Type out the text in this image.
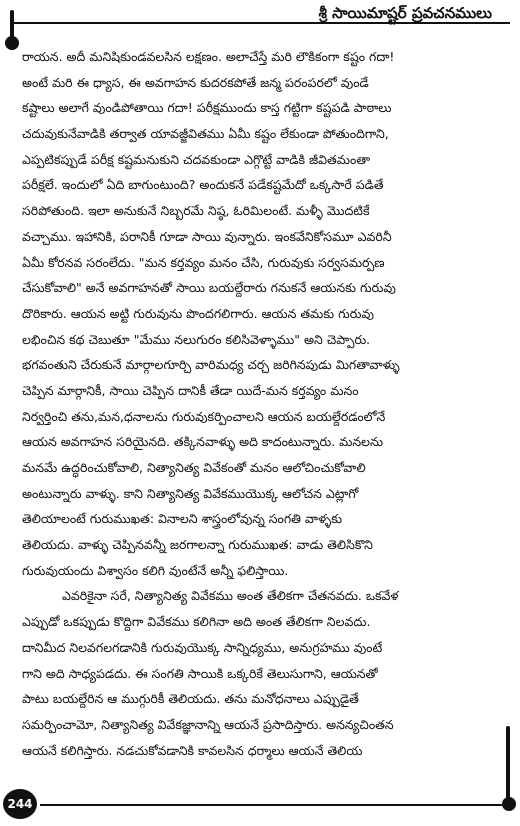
శ్రీ సాయిమాష్టర్ ప్రవచనములు

రాయన. అదీ మనిషికుండవలసిన లక్షణం. అలాచేస్తే మరి లౌకికంగా కష్టం గదా!

అంటే మరి ఈ ధ్యాస, ఈ అవగాహన కుదరకపోతే జన్మ పరంపరలో వుండే

కష్టాలు అలాగే వుండిపోతాయి గదా! పరీక్షముందు కాస్త గట్టిగా కష్టపడి పాఠాలు

చదువుకునేవాడికి తర్వాత యావజ్జీవితము ఏమీ కష్టం లేకుండా పోతుందిగాని,

ఎప్పటికప్పుడే పరీక్ష కష్టమనుకుని చదవకుండా ఎగ్గొట్టే వాడికి జీవితమంతా

పరీక్షలే. ఇందులో ఏది బాగుంటుంది? అందుకనే పడేకష్టమేదో ఒక్కసారే పడితే

సరిపోతుంది. ఇలా అనుకునే నిబ్బరమే నిష్ఠ, ఓరిమిలంటే. మళ్ళీ మొదటికే

వచ్చాము. ఇహానికి, పరానికీ గూడా సాయి వున్నారు. ఇంకవేనికోసమూ ఎవరినీ

ఏమీ కోరనవ సరంలేదు. "మన కర్తవ్యం మనం చేసి, గురువుకు సర్వసమర్పణ

చేసుకోవాలి" అనే అవగాహనతో సాయి బయల్దేరారు గనుకనే ఆయనకు గురువు

దొరికారు. ఆయన అట్టి గురువును పొందగలిగారు. ఆయన తమకు గురువు

లభించిన కథ చెబుతూ "మేము నలుగురం కలిసివెళ్ళాము" అని చెప్పారు.

భగవంతుని చేరుకునే మార్గాలగూర్చి వారిమధ్య చర్చ జరిగినపుడు మిగతావాళ్ళు

చెప్పిన మార్గానికీ, సాయి చెప్పిన దానికీ తేడా యిదే-మన కర్తవ్యం మనం

నిర్వర్తించి తను,మన,ధనాలను గురువుకర్పించాలని ఆయన బయల్దేరడంలోనే

ఆయన అవగాహన సరియైనది. తక్కినవాళ్ళు అది కాదంటున్నారు. మనలను

మనమే ఉద్ధరించుకోవాలి, నిత్యానిత్య వివేకంతో మనం ఆలోచించుకోవాలి

అంటున్నారు వాళ్ళు. కాని నిత్యానిత్య వివేకముయొక్క ఆలోచన ఎట్లాగో

తెలియాలంటే గురుముఖత: వినాలని శాస్త్రంలోవున్న సంగతి వాళ్ళకు

తెలియదు. వాళ్ళు చెప్పినవన్నీ జరగాలన్నా గురుముఖత: వాడు తెలిసికొని

గురువుయందు విశ్వాసం కలిగి వుంటేనే అన్నీ ఫలిస్తాయి.

ఎవరికైనా సరే, నిత్యానిత్య వివేకము అంత తేలికగా చేతనవదు. ఒకవేళ

ఎప్పుడో ఒకప్పుడు కొద్దిగా వివేకము కలిగినా అది అంత తేలికగా నిలవదు.

దానిమీద నిలవగలగడానికి గురువుయొక్క సాన్నిధ్యము, అనుగ్రహము వుంటే

గాని అది సాధ్యపడదు. ఈ సంగతి సాయికి ఒక్కరికే తెలుసుగాని, ఆయనతో

పాటు బయల్దేరిన ఆ ముగ్గురికీ తెలియదు. తను మనోధనాలు ఎప్పుడైతే

సమర్పించామో, నిత్యానిత్య వివేకజ్ఞానాన్ని ఆయనే ప్రసాదిస్తారు. అనన్యచింతన

ఆయనే కలిగిస్తారు. నడచుకోవడానికి కావలసిన ధర్మాలు ఆయనే తెలియ

244
